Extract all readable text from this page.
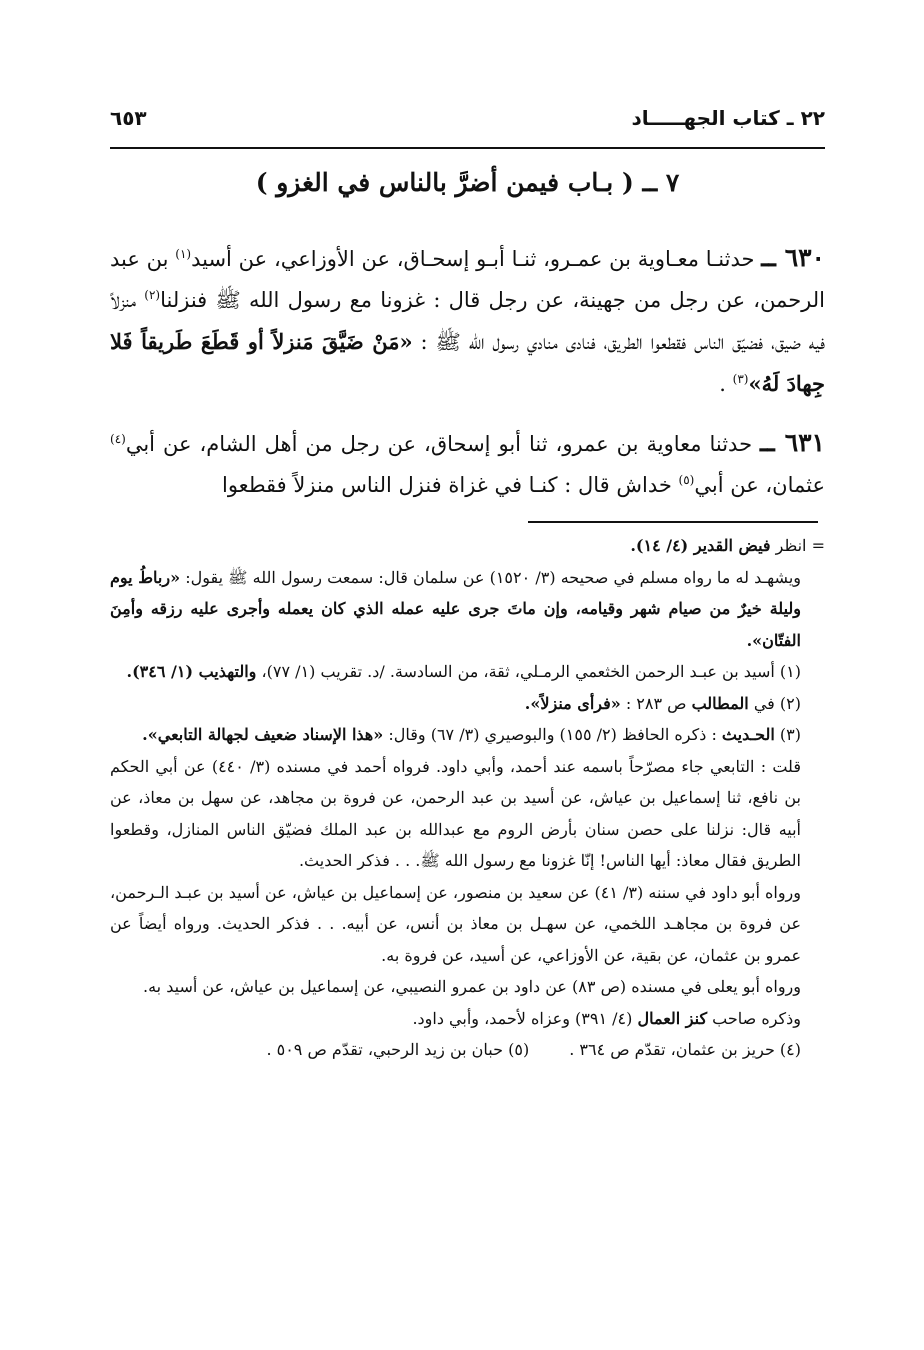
٢٢ ـ كتاب الجهـــــاد
٦٥٣
٧ ــ ( بـاب فيمن أضرَّ بالناس في الغزو )
٦٣٠ ــ حدثنـا معـاوية بن عمـرو، ثنـا أبـو إسحـاق، عن الأوزاعي، عن أسيد$^{(١)}$ بن عبد الرحمن، عن رجل من جهينة، عن رجل قال : غزونا مع رسول الله ﷺ فنزلنا$^{(٢)}$ منزلاً فيه ضيق، فضيّق الناس فقطعوا الطريق، فنادى منادي رسول الله ﷺ : «مَنْ ضَيَّقَ مَنزلاً أو قَطَعَ طَريقاً فَلا جِهادَ لَهُ»$^{(٣)}$ .
٦٣١ ــ حدثنا معاوية بن عمرو، ثنا أبو إسحاق، عن رجل من أهل الشام، عن أبي$^{(٤)}$ عثمان، عن أبي$^{(٥)}$ خداش قال : كنـا في غزاة فنزل الناس منزلاً فقطعوا

= انظر فيض القدير (٤/ ١٤).

ويشهـد له ما رواه مسلم في صحيحه (٣/ ١٥٢٠) عن سلمان قال: سمعت رسول الله ﷺ يقول: «رباطُ يوم وليلة خيرٌ من صيام شهر وقيامه، وإن ماتَ جرى عليه عمله الذي كان يعمله وأجرى عليه رزقه وأمِنَ الفتّان».

(١) أسيد بن عبـد الرحمن الخثعمي الرمـلي، ثقة، من السادسة. /د. تقريب (١/ ٧٧)، والتهذيب (١/ ٣٤٦).

(٢) في المطالب ص ٢٨٣ : «فرأى منزلاً».

(٣) الحـديث : ذكره الحافظ (٢/ ١٥٥) والبوصيري (٣/ ٦٧) وقال: «هذا الإسناد ضعيف لجهالة التابعي».

قلت : التابعي جاء مصرّحاً باسمه عند أحمد، وأبي داود. فرواه أحمد في مسنده (٣/ ٤٤٠) عن أبي الحكم بن نافع، ثنا إسماعيل بن عياش، عن أسيد بن عبد الرحمن، عن فروة بن مجاهد، عن سهل بن معاذ، عن أبيه قال: نزلنا على حصن سنان بأرض الروم مع عبدالله بن عبد الملك فضيّق الناس المنازل، وقطعوا الطريق فقال معاذ: أيها الناس! إنّا غزونا مع رسول الله ﷺ. . . فذكر الحديث.

ورواه أبو داود في سننه (٣/ ٤١) عن سعيد بن منصور، عن إسماعيل بن عياش، عن أسيد بن عبـد الـرحمن، عن فروة بن مجاهـد اللخمي، عن سهـل بن معاذ بن أنس، عن أبيه. . . فذكر الحديث. ورواه أيضاً عن عمرو بن عثمان، عن بقية، عن الأوزاعي، عن أسيد، عن فروة به.

ورواه أبو يعلى في مسنده (ص ٨٣) عن داود بن عمرو النصيبي، عن إسماعيل بن عياش، عن أسيد به.

وذكره صاحب كنز العمال (٤/ ٣٩١) وعزاه لأحمد، وأبي داود.

(٤) حريز بن عثمان، تقدّم ص ٣٦٤ .
(٥) حبان بن زيد الرحبي، تقدّم ص ٥٠٩ .
